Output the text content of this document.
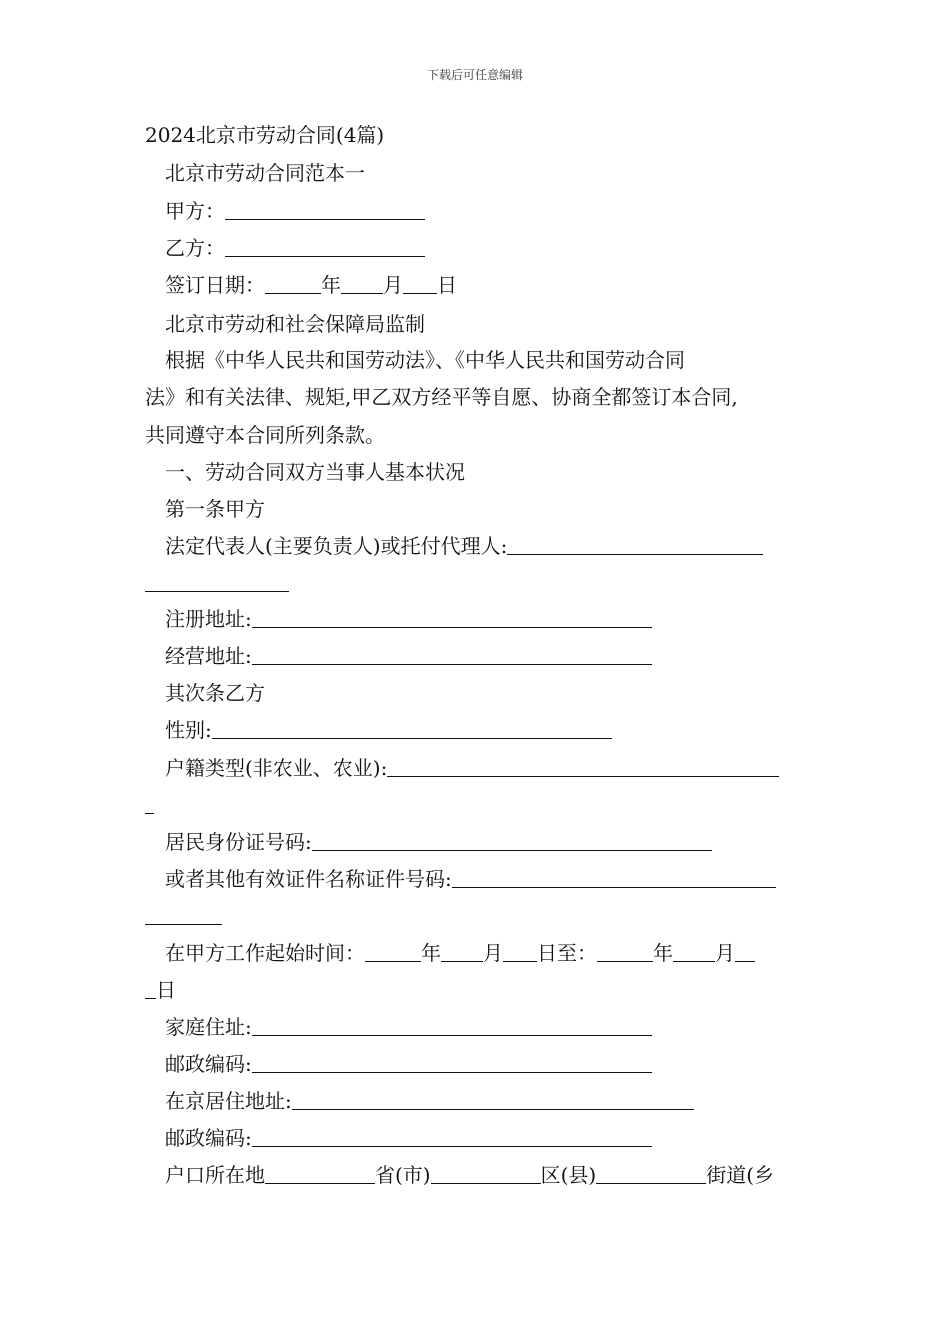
下载后可任意编辑
2024北京市劳动合同(4篇)
北京市劳动合同范本一
甲方：
乙方：
签订日期：	年 月 日
北京市劳动和社会保障局监制
根据《中华人民共和国劳动法》、《中华人民共和国劳动合同
法》和有关法律、规矩,甲乙双方经平等自愿、协商全都签订本合同,
共同遵守本合同所列条款。
一、劳动合同双方当事人基本状况
第一条甲方
法定代表人(主要负责人)或托付代理人:
注册地址:
经营地址:
其次条乙方
性别:
户籍类型(非农业、农业):
居民身份证号码:
或者其他有效证件名称证件号码:
在甲方工作起始时间：	年 月 日至：	年 月
日
家庭住址:
邮政编码:
在京居住地址:
邮政编码:
户口所在地	省(市)	区(县)	街道(乡
